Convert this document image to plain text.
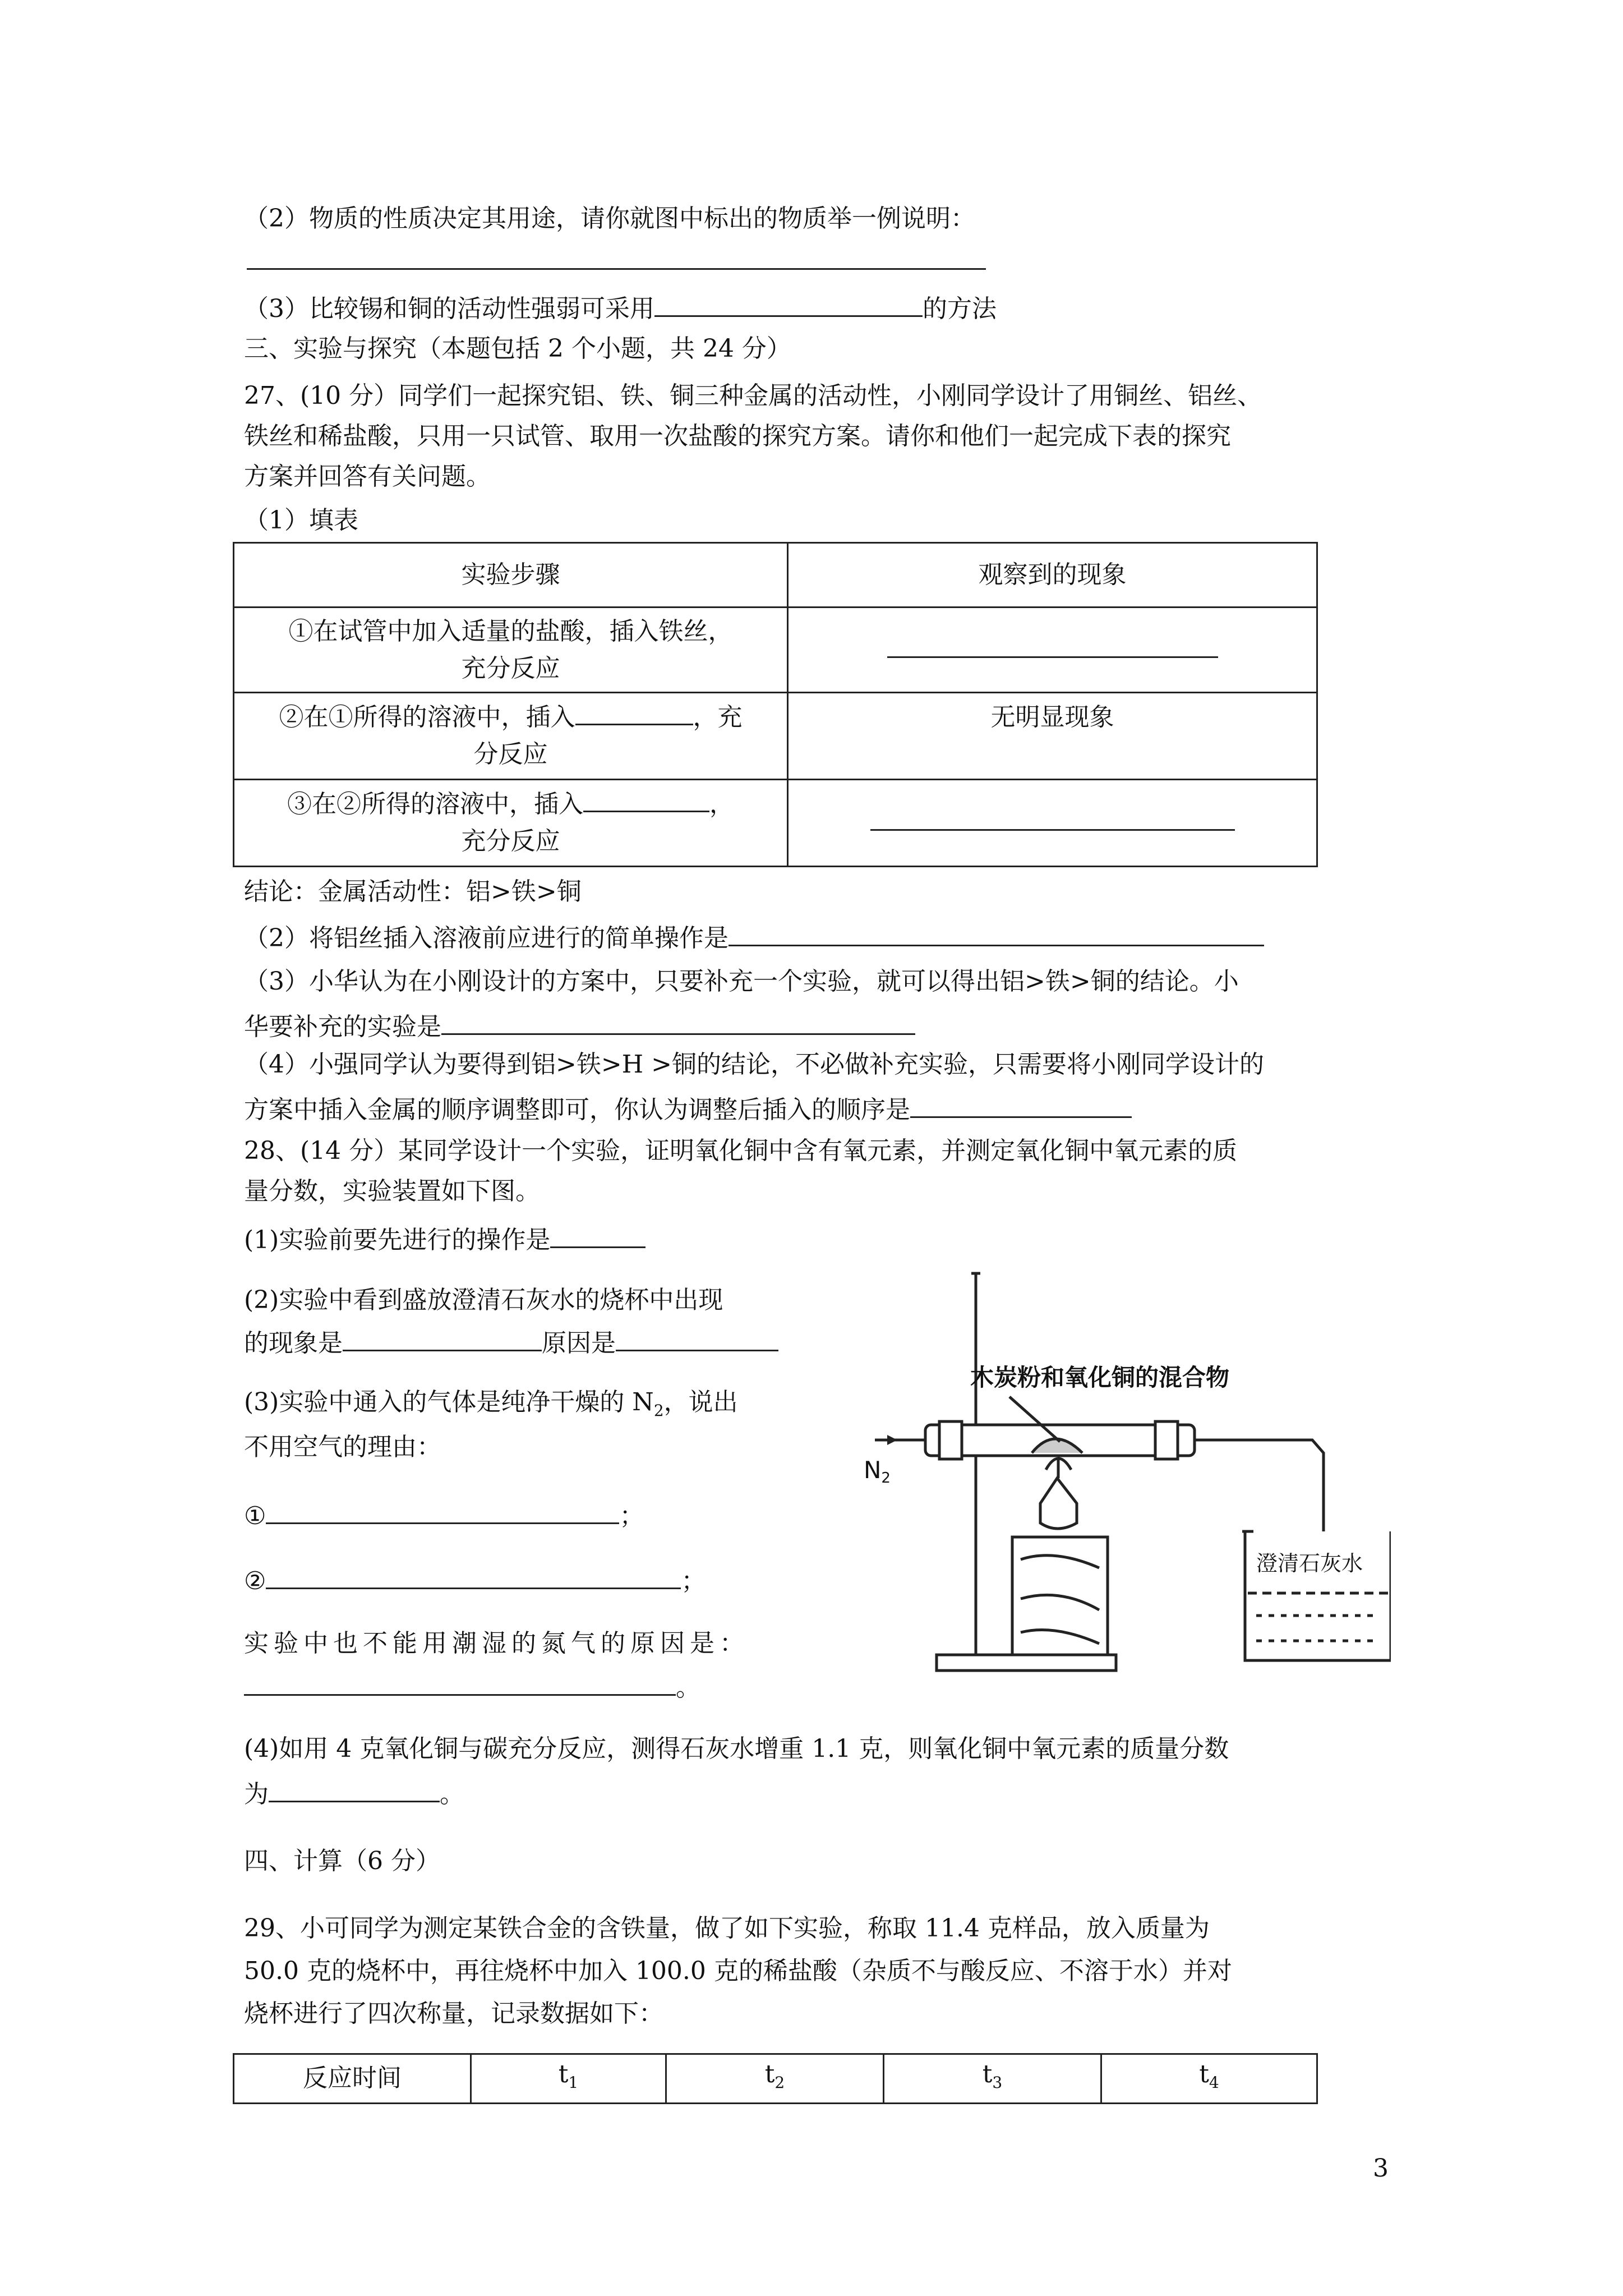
（2）物质的性质决定其用途，请你就图中标出的物质举一例说明：
（3）比较锡和铜的活动性强弱可采用	的方法
三、实验与探究（本题包括 2 个小题，共 24 分）
27、(10 分）同学们一起探究铝、铁、铜三种金属的活动性，小刚同学设计了用铜丝、铝丝、
铁丝和稀盐酸，只用一只试管、取用一次盐酸的探究方案。请你和他们一起完成下表的探究
方案并回答有关问题。
（1）填表
实验步骤	观察到的现象

①在试管中加入适量的盐酸，插入铁丝，
充分反应	

②在①所得的溶液中，插入 ，充
分反应	无明显现象

③在②所得的溶液中，插入 ，
充分反应	

结论：金属活动性：铝>铁>铜
（2）将铝丝插入溶液前应进行的简单操作是
（3）小华认为在小刚设计的方案中，只要补充一个实验，就可以得出铝>铁>铜的结论。小
华要补充的实验是
（4）小强同学认为要得到铝>铁>H >铜的结论，不必做补充实验，只需要将小刚同学设计的
方案中插入金属的顺序调整即可，你认为调整后插入的顺序是
28、(14 分）某同学设计一个实验，证明氧化铜中含有氧元素，并测定氧化铜中氧元素的质
量分数，实验装置如下图。
(1)实验前要先进行的操作是
(2)实验中看到盛放澄清石灰水的烧杯中出现
的现象是	原因是
(3)实验中通入的气体是纯净干燥的 $N_2$，说出
不用空气的理由：
①	；
②	；
实验中也不能用潮湿的氮气的原因是：
。
木炭粉和氧化铜的混合物
N2
澄清石灰水
(4)如用 4 克氧化铜与碳充分反应，测得石灰水增重 1.1 克，则氧化铜中氧元素的质量分数
为	。
四、计算（6 分）
29、小可同学为测定某铁合金的含铁量，做了如下实验，称取 11.4 克样品，放入质量为
50.0 克的烧杯中，再往烧杯中加入 100.0 克的稀盐酸（杂质不与酸反应、不溶于水）并对
烧杯进行了四次称量，记录数据如下：
反应时间	$t_1$	$t_2$	$t_3$	$t_4$
3
